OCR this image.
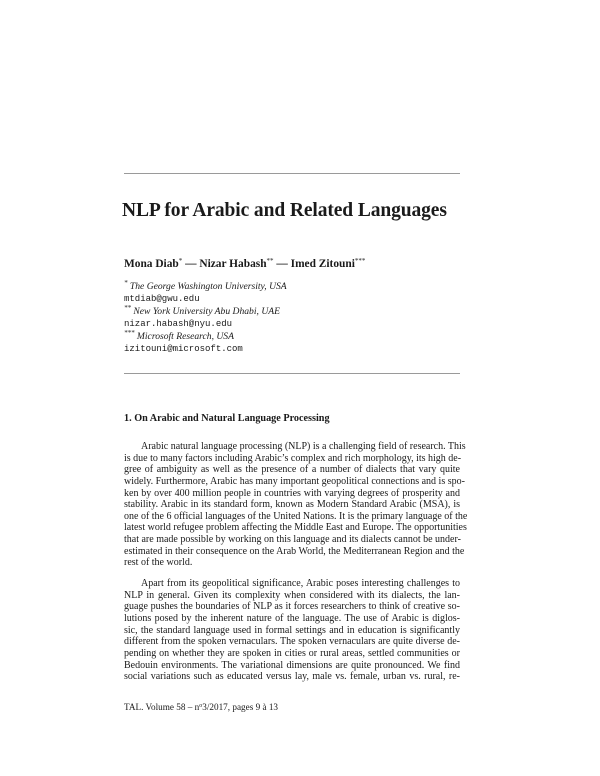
NLP for Arabic and Related Languages
Mona Diab* — Nizar Habash** — Imed Zitouni***
* The George Washington University, USA
mtdiab@gwu.edu
** New York University Abu Dhabi, UAE
nizar.habash@nyu.edu
*** Microsoft Research, USA
izitouni@microsoft.com
1. On Arabic and Natural Language Processing
Arabic natural language processing (NLP) is a challenging field of research. This
is due to many factors including Arabic’s complex and rich morphology, its high de-
gree of ambiguity as well as the presence of a number of dialects that vary quite
widely. Furthermore, Arabic has many important geopolitical connections and is spo-
ken by over 400 million people in countries with varying degrees of prosperity and
stability. Arabic in its standard form, known as Modern Standard Arabic (MSA), is
one of the 6 official languages of the United Nations. It is the primary language of the
latest world refugee problem affecting the Middle East and Europe. The opportunities
that are made possible by working on this language and its dialects cannot be under-
estimated in their consequence on the Arab World, the Mediterranean Region and the
rest of the world.
Apart from its geopolitical significance, Arabic poses interesting challenges to
NLP in general. Given its complexity when considered with its dialects, the lan-
guage pushes the boundaries of NLP as it forces researchers to think of creative so-
lutions posed by the inherent nature of the language. The use of Arabic is diglos-
sic, the standard language used in formal settings and in education is significantly
different from the spoken vernaculars. The spoken vernaculars are quite diverse de-
pending on whether they are spoken in cities or rural areas, settled communities or
Bedouin environments. The variational dimensions are quite pronounced. We find
social variations such as educated versus lay, male vs. female, urban vs. rural, re-
TAL. Volume $58 - n^o3/2017$, pages 9 à 13
